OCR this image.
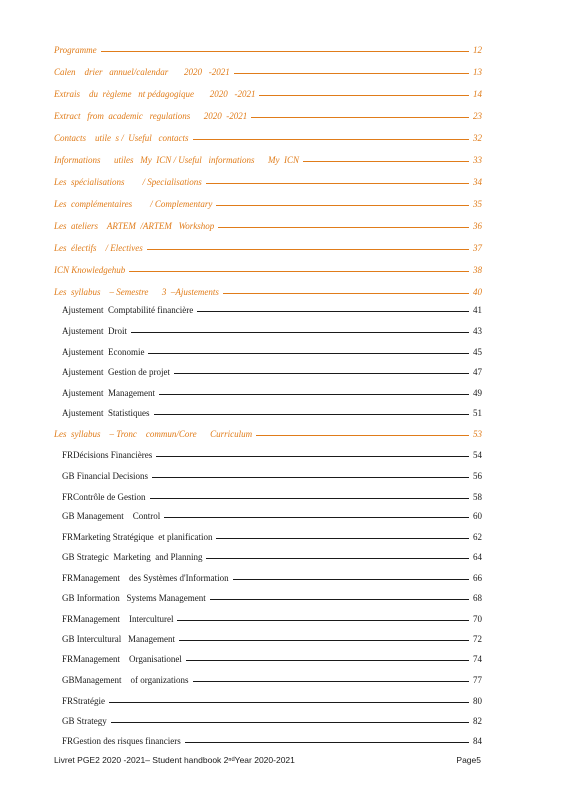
Programme	12
Calen    drier   annuel/calendar       2020   -2021	13
Extrais    du  règleme   nt pédagogique       2020   -2021	14
Extract   from  academic   regulations      2020  -2021	23
Contacts    utile  s /  Useful   contacts	32
Informations      utiles   My  ICN / Useful   informations      My  ICN	33
Les  spécialisations        / Specialisations	34
Les  complémentaires        / Complementary	35
Les  ateliers    ARTEM  /ARTEM   Workshop	36
Les  électifs    / Electives	37
ICN Knowledgehub	38
Les  syllabus    – Semestre      3  –Ajustements	40
Ajustement  Comptabilité financière	41
Ajustement  Droit	43
Ajustement  Economie	45
Ajustement  Gestion de projet	47
Ajustement  Management	49
Ajustement  Statistiques	51
Les  syllabus    – Tronc    commun/Core      Curriculum	53
FRDécisions Financières	54
GB Financial Decisions	56
FRContrôle de Gestion	58
GB Management    Control	60
FRMarketing Stratégique  et planification	62
GB Strategic  Marketing  and Planning	64
FRManagement    des Systèmes d'Information	66
GB Information   Systems Management	68
FRManagement    Interculturel	70
GB Intercultural   Management	72
FRManagement    Organisationel	74
GBManagement    of organizations	77
FRStratégie	80
GB Strategy	82
FRGestion des risques financiers	84
Livret PGE2 2020 -2021– Student handbook 2ⁿᵈYear 2020-2021	Page5
